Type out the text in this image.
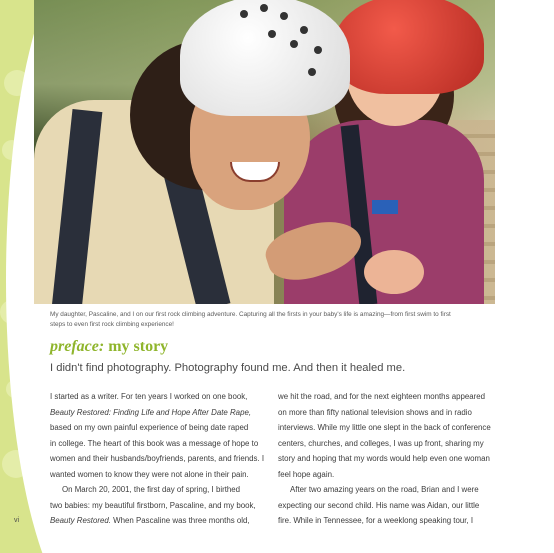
My daughter, Pascaline, and I on our first rock climbing adventure. Capturing all the firsts in your baby's life is amazing—from first swim to first
steps to even first rock climbing experience!
preface: my story
I didn't find photography. Photography found me. And then it healed me.

I started as a writer. For ten years I worked on one book,
Beauty Restored: Finding Life and Hope After Date Rape,
based on my own painful experience of being date raped
in college. The heart of this book was a message of hope to
women and their husbands/boyfriends, parents, and friends. I
wanted women to know they were not alone in their pain.

On March 20, 2001, the first day of spring, I birthed
two babies: my beautiful firstborn, Pascaline, and my book,
Beauty Restored. When Pascaline was three months old,

we hit the road, and for the next eighteen months appeared
on more than fifty national television shows and in radio
interviews. While my little one slept in the back of conference
centers, churches, and colleges, I was up front, sharing my
story and hoping that my words would help even one woman
feel hope again.

After two amazing years on the road, Brian and I were
expecting our second child. His name was Aidan, our little
fire. While in Tennessee, for a weeklong speaking tour, I

vi
